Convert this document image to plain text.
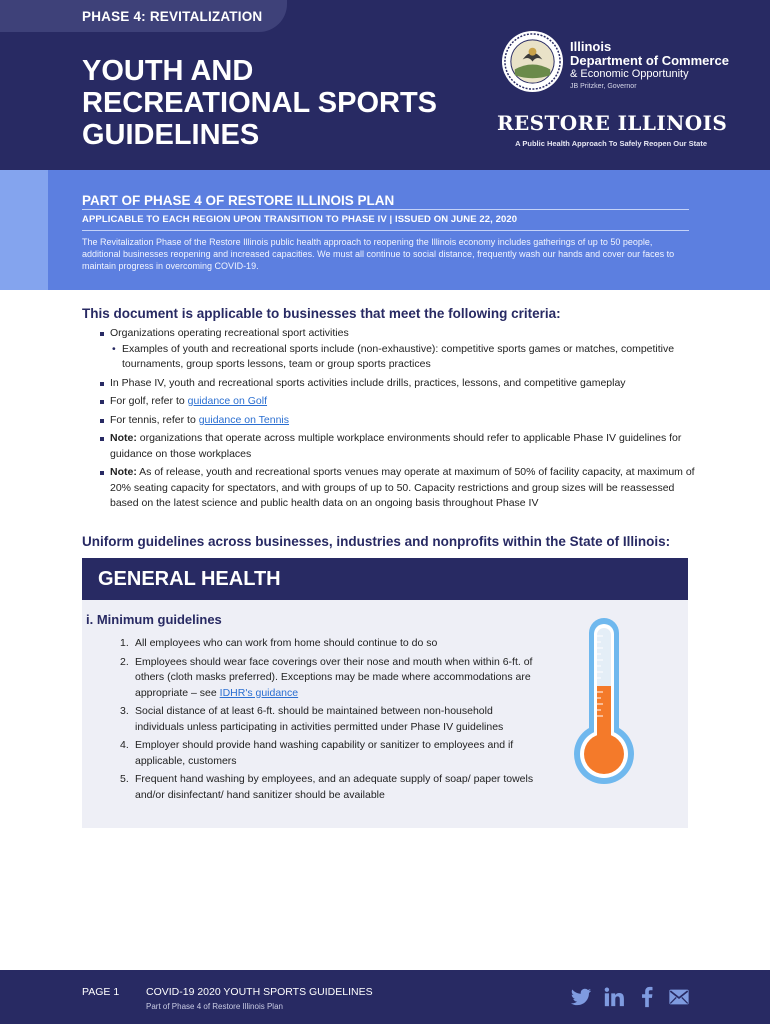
PHASE 4: REVITALIZATION
YOUTH AND
RECREATIONAL SPORTS
GUIDELINES
Illinois
Department of Commerce
& Economic Opportunity
JB Pritzker, Governor
RESTORE ILLINOIS
A Public Health Approach To Safely Reopen Our State
PART OF PHASE 4 OF RESTORE ILLINOIS PLAN
APPLICABLE TO EACH REGION UPON TRANSITION TO PHASE IV | ISSUED ON JUNE 22, 2020
The Revitalization Phase of the Restore Illinois public health approach to reopening the Illinois economy includes gatherings of up to 50 people, additional businesses reopening and increased capacities. We must all continue to social distance, frequently wash our hands and cover our faces to maintain progress in overcoming COVID-19.
This document is applicable to businesses that meet the following criteria:
Organizations operating recreational sport activities
• Examples of youth and recreational sports include (non-exhaustive): competitive sports games or matches, competitive tournaments, group sports lessons, team or group sports practices
In Phase IV, youth and recreational sports activities include drills, practices, lessons, and competitive gameplay
For golf, refer to guidance on Golf
For tennis, refer to guidance on Tennis
Note: organizations that operate across multiple workplace environments should refer to applicable Phase IV guidelines for guidance on those workplaces
Note: As of release, youth and recreational sports venues may operate at maximum of 50% of facility capacity, at maximum of 20% seating capacity for spectators, and with groups of up to 50. Capacity restrictions and group sizes will be reassessed based on the latest science and public health data on an ongoing basis throughout Phase IV
Uniform guidelines across businesses, industries and nonprofits within the State of Illinois:
GENERAL HEALTH
i. Minimum guidelines
1. All employees who can work from home should continue to do so
2. Employees should wear face coverings over their nose and mouth when within 6-ft. of others (cloth masks preferred). Exceptions may be made where accommodations are appropriate – see IDHR's guidance
3. Social distance of at least 6-ft. should be maintained between non-household individuals unless participating in activities permitted under Phase IV guidelines
4. Employer should provide hand washing capability or sanitizer to employees and if applicable, customers
5. Frequent hand washing by employees, and an adequate supply of soap/ paper towels and/or disinfectant/ hand sanitizer should be available
PAGE 1	COVID-19 2020 YOUTH SPORTS GUIDELINES
Part of Phase 4 of Restore Illinois Plan
